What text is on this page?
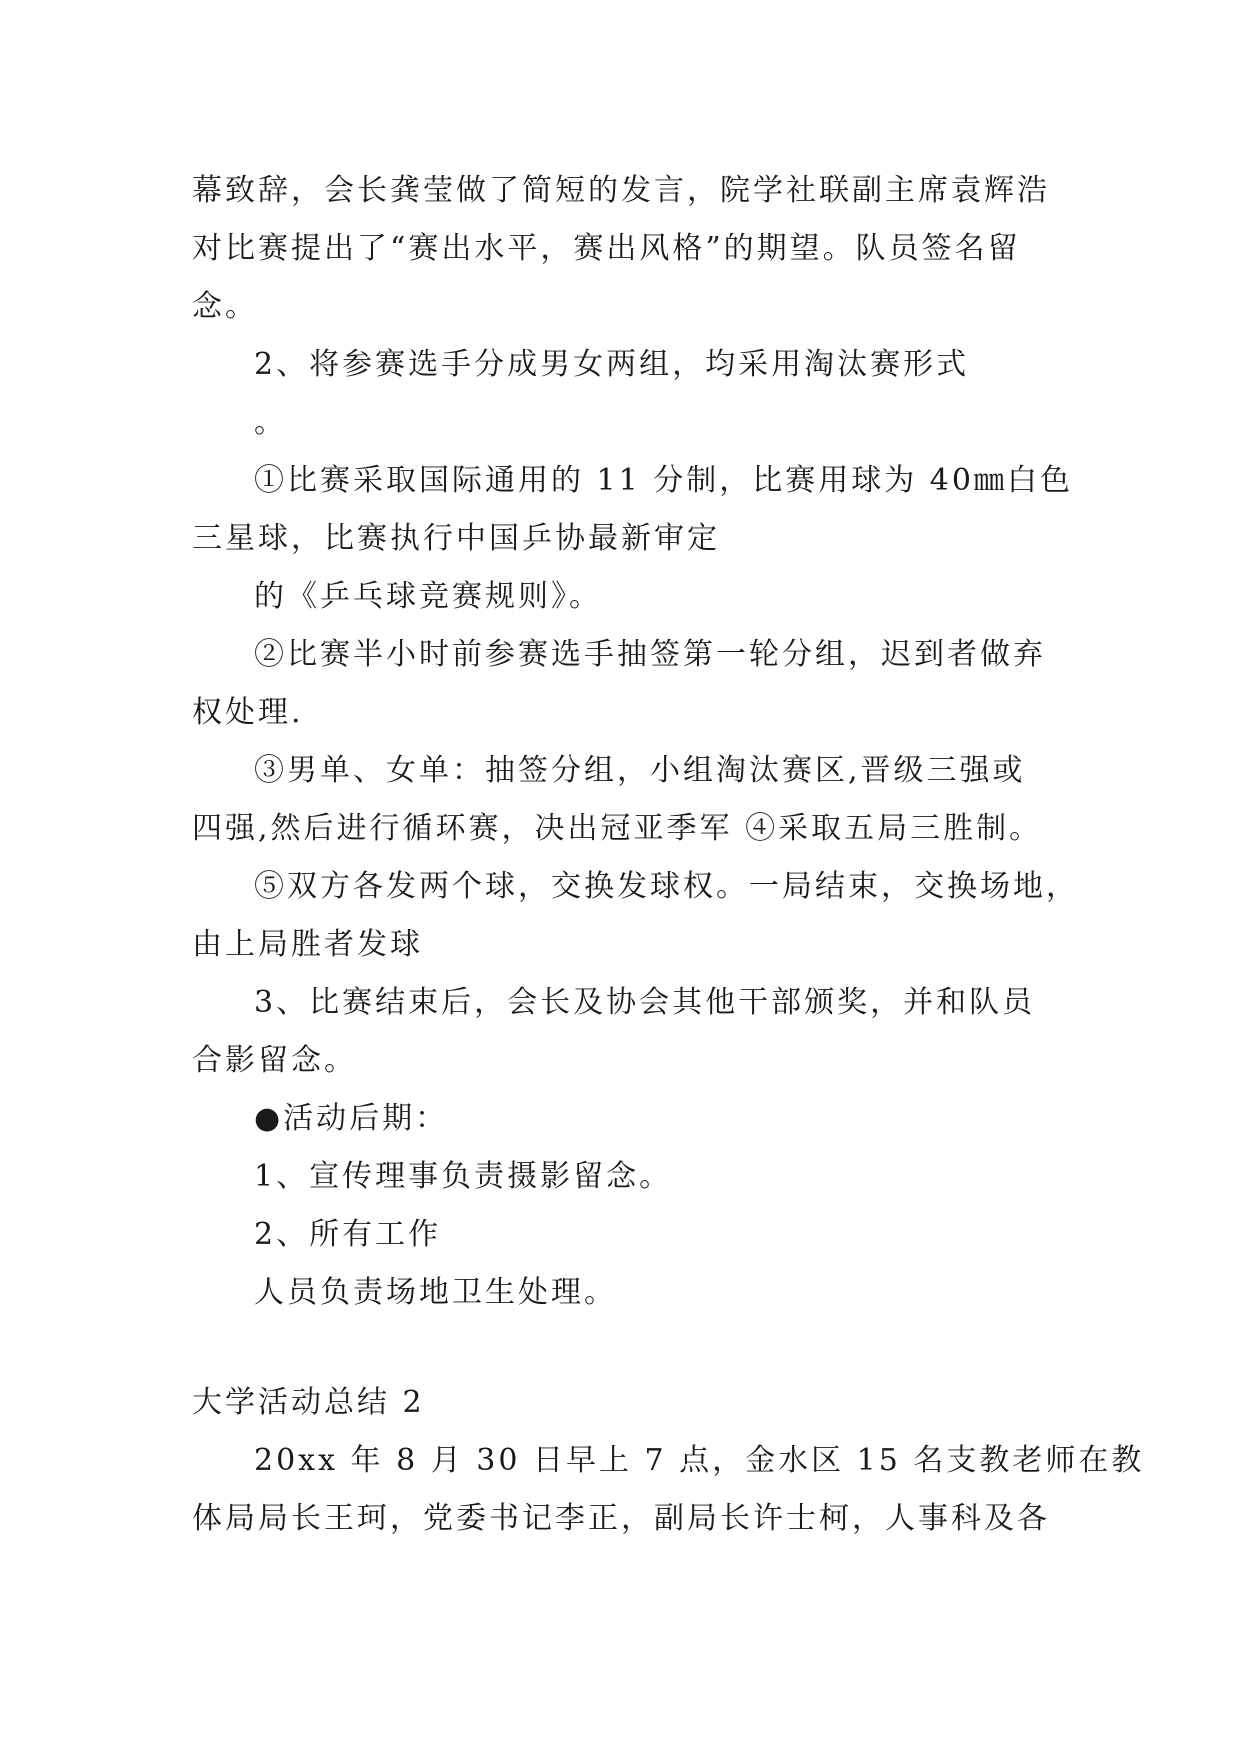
幕致辞，会长龚莹做了简短的发言，院学社联副主席袁辉浩
对比赛提出了“赛出水平，赛出风格”的期望。队员签名留
念。
2、将参赛选手分成男女两组，均采用淘汰赛形式
。
①比赛采取国际通用的 11 分制，比赛用球为 40㎜白色
三星球，比赛执行中国乒协最新审定
的《乒乓球竞赛规则》。
②比赛半小时前参赛选手抽签第一轮分组，迟到者做弃
权处理.
③男单、女单：抽签分组，小组淘汰赛区,晋级三强或
四强,然后进行循环赛，决出冠亚季军 ④采取五局三胜制。
⑤双方各发两个球，交换发球权。一局结束，交换场地，
由上局胜者发球
3、比赛结束后，会长及协会其他干部颁奖，并和队员
合影留念。
●活动后期：
1、宣传理事负责摄影留念。
2、所有工作
人员负责场地卫生处理。
大学活动总结 2
20xx 年 8 月 30 日早上 7 点，金水区 15 名支教老师在教
体局局长王珂，党委书记李正，副局长许士柯，人事科及各
